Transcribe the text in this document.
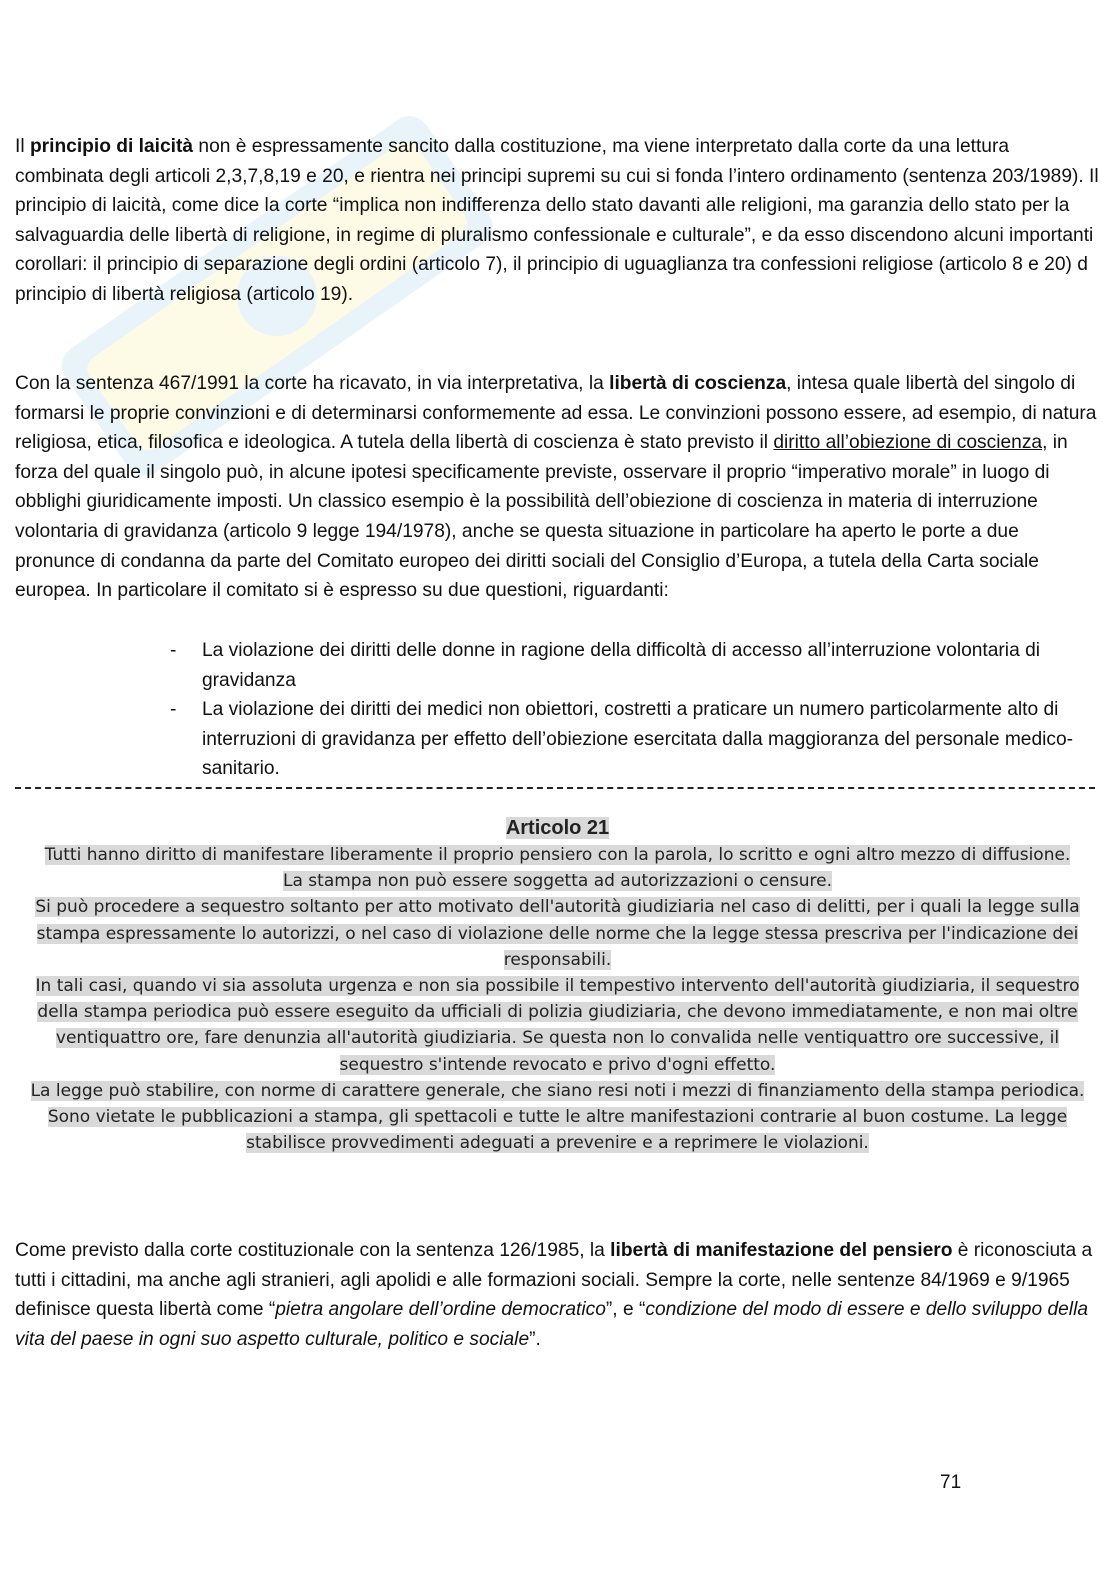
Il principio di laicità non è espressamente sancito dalla costituzione, ma viene interpretato dalla corte da una lettura combinata degli articoli 2,3,7,8,19 e 20, e rientra nei principi supremi su cui si fonda l’intero ordinamento (sentenza 203/1989). Il principio di laicità, come dice la corte “implica non indifferenza dello stato davanti alle religioni, ma garanzia dello stato per la salvaguardia delle libertà di religione, in regime di pluralismo confessionale e culturale”, e da esso discendono alcuni importanti corollari: il principio di separazione degli ordini (articolo 7), il principio di uguaglianza tra confessioni religiose (articolo 8 e 20) d principio di libertà religiosa (articolo 19).

Con la sentenza 467/1991 la corte ha ricavato, in via interpretativa, la libertà di coscienza, intesa quale libertà del singolo di formarsi le proprie convinzioni e di determinarsi conformemente ad essa. Le convinzioni possono essere, ad esempio, di natura religiosa, etica, filosofica e ideologica. A tutela della libertà di coscienza è stato previsto il diritto all’obiezione di coscienza, in forza del quale il singolo può, in alcune ipotesi specificamente previste, osservare il proprio “imperativo morale” in luogo di obblighi giuridicamente imposti. Un classico esempio è la possibilità dell’obiezione di coscienza in materia di interruzione volontaria di gravidanza (articolo 9 legge 194/1978), anche se questa situazione in particolare ha aperto le porte a due pronunce di condanna da parte del Comitato europeo dei diritti sociali del Consiglio d’Europa, a tutela della Carta sociale europea. In particolare il comitato si è espresso su due questioni, riguardanti:

- La violazione dei diritti delle donne in ragione della difficoltà di accesso all’interruzione volontaria di gravidanza
- La violazione dei diritti dei medici non obiettori, costretti a praticare un numero particolarmente alto di interruzioni di gravidanza per effetto dell’obiezione esercitata dalla maggioranza del personale medico-sanitario.

Articolo 21

Tutti hanno diritto di manifestare liberamente il proprio pensiero con la parola, lo scritto e ogni altro mezzo di diffusione.

La stampa non può essere soggetta ad autorizzazioni o censure.

Si può procedere a sequestro soltanto per atto motivato dell'autorità giudiziaria nel caso di delitti, per i quali la legge sulla stampa espressamente lo autorizzi, o nel caso di violazione delle norme che la legge stessa prescriva per l'indicazione dei responsabili.

In tali casi, quando vi sia assoluta urgenza e non sia possibile il tempestivo intervento dell'autorità giudiziaria, il sequestro della stampa periodica può essere eseguito da ufficiali di polizia giudiziaria, che devono immediatamente, e non mai oltre ventiquattro ore, fare denunzia all'autorità giudiziaria. Se questa non lo convalida nelle ventiquattro ore successive, il sequestro s'intende revocato e privo d'ogni effetto.

La legge può stabilire, con norme di carattere generale, che siano resi noti i mezzi di finanziamento della stampa periodica.

Sono vietate le pubblicazioni a stampa, gli spettacoli e tutte le altre manifestazioni contrarie al buon costume. La legge stabilisce provvedimenti adeguati a prevenire e a reprimere le violazioni.

Come previsto dalla corte costituzionale con la sentenza 126/1985, la libertà di manifestazione del pensiero è riconosciuta a tutti i cittadini, ma anche agli stranieri, agli apolidi e alle formazioni sociali. Sempre la corte, nelle sentenze 84/1969 e 9/1965 definisce questa libertà come “pietra angolare dell’ordine democratico”, e “condizione del modo di essere e dello sviluppo della vita del paese in ogni suo aspetto culturale, politico e sociale”.

71
